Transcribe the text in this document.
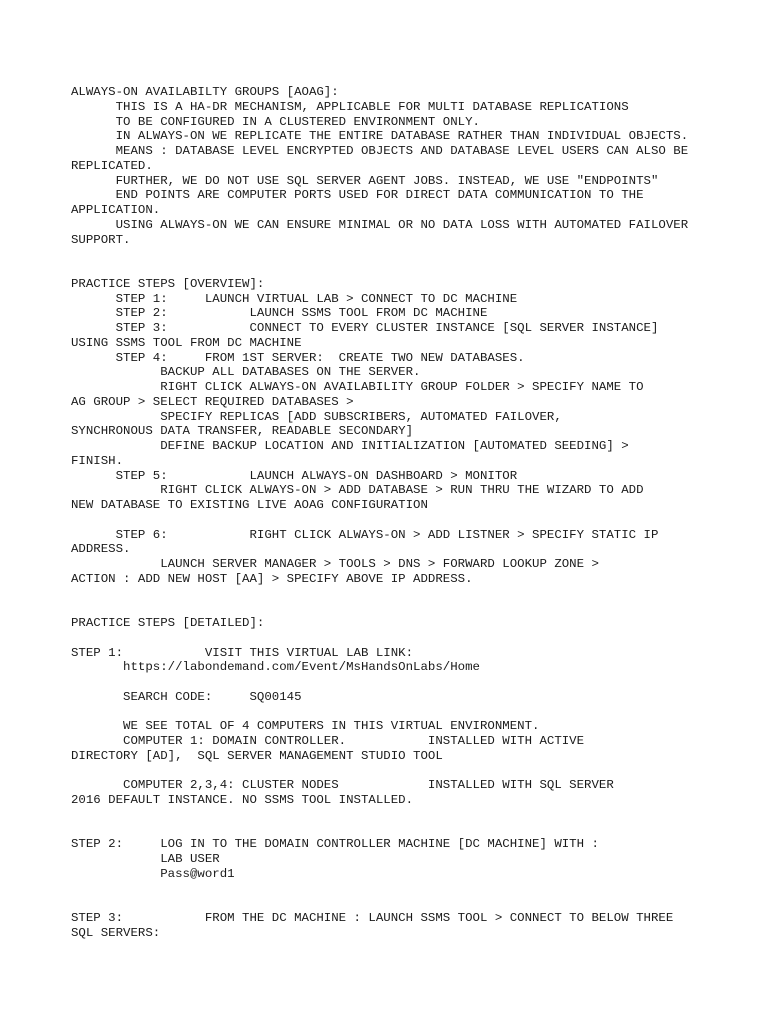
ALWAYS-ON AVAILABILTY GROUPS [AOAG]:
THIS IS A HA-DR MECHANISM, APPLICABLE FOR MULTI DATABASE REPLICATIONS
TO BE CONFIGURED IN A CLUSTERED ENVIRONMENT ONLY.
IN ALWAYS-ON WE REPLICATE THE ENTIRE DATABASE RATHER THAN INDIVIDUAL OBJECTS.
MEANS : DATABASE LEVEL ENCRYPTED OBJECTS AND DATABASE LEVEL USERS CAN ALSO BE
REPLICATED.
FURTHER, WE DO NOT USE SQL SERVER AGENT JOBS. INSTEAD, WE USE "ENDPOINTS"
END POINTS ARE COMPUTER PORTS USED FOR DIRECT DATA COMMUNICATION TO THE
APPLICATION.
USING ALWAYS-ON WE CAN ENSURE MINIMAL OR NO DATA LOSS WITH AUTOMATED FAILOVER
SUPPORT.

PRACTICE STEPS [OVERVIEW]:
STEP 1:     LAUNCH VIRTUAL LAB > CONNECT TO DC MACHINE
STEP 2:           LAUNCH SSMS TOOL FROM DC MACHINE
STEP 3:           CONNECT TO EVERY CLUSTER INSTANCE [SQL SERVER INSTANCE]
USING SSMS TOOL FROM DC MACHINE
STEP 4:     FROM 1ST SERVER:  CREATE TWO NEW DATABASES.
BACKUP ALL DATABASES ON THE SERVER.
RIGHT CLICK ALWAYS-ON AVAILABILITY GROUP FOLDER > SPECIFY NAME TO
AG GROUP > SELECT REQUIRED DATABASES >
SPECIFY REPLICAS [ADD SUBSCRIBERS, AUTOMATED FAILOVER,
SYNCHRONOUS DATA TRANSFER, READABLE SECONDARY]
DEFINE BACKUP LOCATION AND INITIALIZATION [AUTOMATED SEEDING] >
FINISH.
STEP 5:           LAUNCH ALWAYS-ON DASHBOARD > MONITOR
RIGHT CLICK ALWAYS-ON > ADD DATABASE > RUN THRU THE WIZARD TO ADD
NEW DATABASE TO EXISTING LIVE AOAG CONFIGURATION

STEP 6:           RIGHT CLICK ALWAYS-ON > ADD LISTNER > SPECIFY STATIC IP
ADDRESS.
LAUNCH SERVER MANAGER > TOOLS > DNS > FORWARD LOOKUP ZONE >
ACTION : ADD NEW HOST [AA] > SPECIFY ABOVE IP ADDRESS.

PRACTICE STEPS [DETAILED]:

STEP 1:           VISIT THIS VIRTUAL LAB LINK:
https://labondemand.com/Event/MsHandsOnLabs/Home

SEARCH CODE:     SQ00145

WE SEE TOTAL OF 4 COMPUTERS IN THIS VIRTUAL ENVIRONMENT.
COMPUTER 1: DOMAIN CONTROLLER.           INSTALLED WITH ACTIVE
DIRECTORY [AD],  SQL SERVER MANAGEMENT STUDIO TOOL

COMPUTER 2,3,4: CLUSTER NODES            INSTALLED WITH SQL SERVER
2016 DEFAULT INSTANCE. NO SSMS TOOL INSTALLED.

STEP 2:     LOG IN TO THE DOMAIN CONTROLLER MACHINE [DC MACHINE] WITH :
LAB USER
Pass@word1

STEP 3:           FROM THE DC MACHINE : LAUNCH SSMS TOOL > CONNECT TO BELOW THREE
SQL SERVERS:
